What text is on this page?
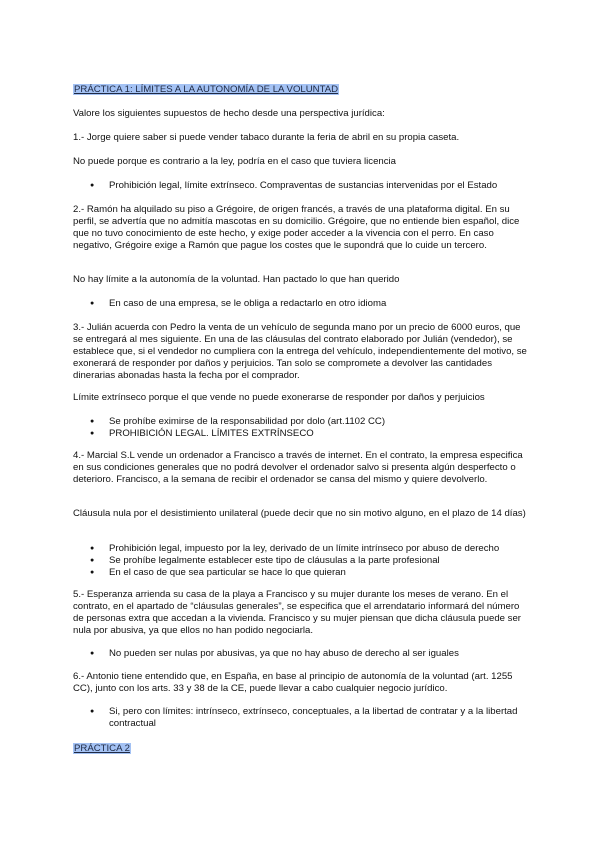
PRÁCTICA 1: LÍMITES A LA AUTONOMÍA DE LA VOLUNTAD
Valore los siguientes supuestos de hecho desde una perspectiva jurídica:
1.- Jorge quiere saber si puede vender tabaco durante la feria de abril en su propia caseta.
No puede porque es contrario a la ley, podría en el caso que tuviera licencia
● Prohibición legal, límite extrínseco. Compraventas de sustancias intervenidas por el Estado
2.- Ramón ha alquilado su piso a Grégoire, de origen francés, a través de una plataforma digital. En su perfil, se advertía que no admitía mascotas en su domicilio. Grégoire, que no entiende bien español, dice que no tuvo conocimiento de este hecho, y exige poder acceder a la vivencia con el perro. En caso negativo, Grégoire exige a Ramón que pague los costes que le supondrá que lo cuide un tercero.
No hay límite a la autonomía de la voluntad. Han pactado lo que han querido
● En caso de una empresa, se le obliga a redactarlo en otro idioma
3.- Julián acuerda con Pedro la venta de un vehículo de segunda mano por un precio de 6000 euros, que se entregará al mes siguiente. En una de las cláusulas del contrato elaborado por Julián (vendedor), se establece que, si el vendedor no cumpliera con la entrega del vehículo, independientemente del motivo, se exonerará de responder por daños y perjuicios. Tan solo se compromete a devolver las cantidades dinerarias abonadas hasta la fecha por el comprador.
Límite extrínseco porque el que vende no puede exonerarse de responder por daños y perjuicios
● Se prohíbe eximirse de la responsabilidad por dolo (art.1102 CC)
● PROHIBICIÓN LEGAL. LÍMITES EXTRÍNSECO
4.- Marcial S.L vende un ordenador a Francisco a través de internet. En el contrato, la empresa especifica en sus condiciones generales que no podrá devolver el ordenador salvo si presenta algún desperfecto o deterioro. Francisco, a la semana de recibir el ordenador se cansa del mismo y quiere devolverlo.
Cláusula nula por el desistimiento unilateral (puede decir que no sin motivo alguno, en el plazo de 14 días)
● Prohibición legal, impuesto por la ley, derivado de un límite intrínseco por abuso de derecho
● Se prohíbe legalmente establecer este tipo de cláusulas a la parte profesional
● En el caso de que sea particular se hace lo que quieran
5.- Esperanza arrienda su casa de la playa a Francisco y su mujer durante los meses de verano. En el contrato, en el apartado de “cláusulas generales”, se especifica que el arrendatario informará del número de personas extra que accedan a la vivienda. Francisco y su mujer piensan que dicha cláusula puede ser nula por abusiva, ya que ellos no han podido negociarla.
● No pueden ser nulas por abusivas, ya que no hay abuso de derecho al ser iguales
6.- Antonio tiene entendido que, en España, en base al principio de autonomía de la voluntad (art. 1255 CC), junto con los arts. 33 y 38 de la CE, puede llevar a cabo cualquier negocio jurídico.
● Si, pero con límites: intrínseco, extrínseco, conceptuales, a la libertad de contratar y a la libertad contractual
PRÁCTICA 2
